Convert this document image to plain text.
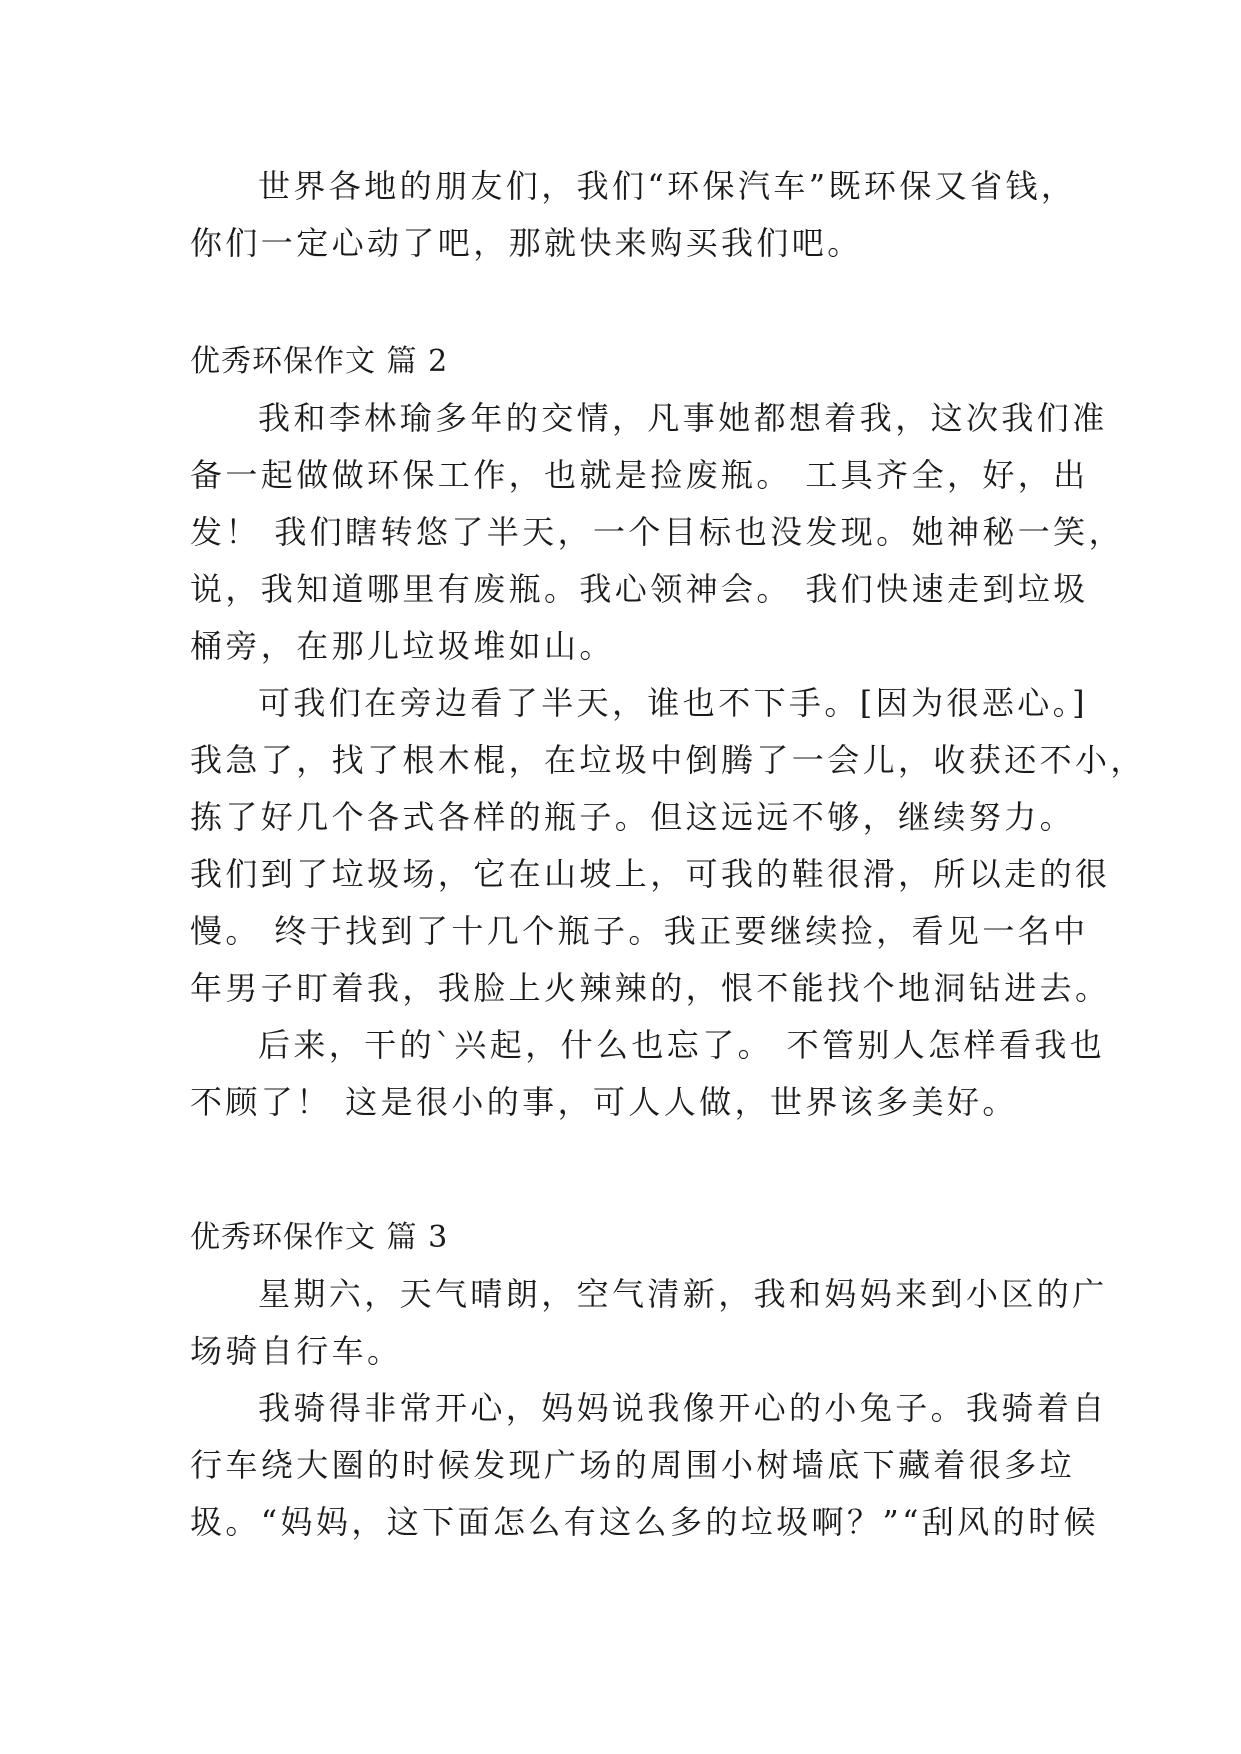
世界各地的朋友们，我们“环保汽车”既环保又省钱，

你们一定心动了吧，那就快来购买我们吧。

优秀环保作文 篇 2

我和李林瑜多年的交情，凡事她都想着我，这次我们准

备一起做做环保工作，也就是捡废瓶。 工具齐全，好，出

发！ 我们瞎转悠了半天，一个目标也没发现。她神秘一笑，

说，我知道哪里有废瓶。我心领神会。 我们快速走到垃圾

桶旁，在那儿垃圾堆如山。

可我们在旁边看了半天，谁也不下手。[因为很恶心。]

我急了，找了根木棍，在垃圾中倒腾了一会儿，收获还不小，

拣了好几个各式各样的瓶子。但这远远不够，继续努力。

我们到了垃圾场，它在山坡上，可我的鞋很滑，所以走的很

慢。 终于找到了十几个瓶子。我正要继续捡，看见一名中

年男子盯着我，我脸上火辣辣的，恨不能找个地洞钻进去。

后来，干的`兴起，什么也忘了。 不管别人怎样看我也

不顾了！ 这是很小的事，可人人做，世界该多美好。

优秀环保作文 篇 3

星期六，天气晴朗，空气清新，我和妈妈来到小区的广

场骑自行车。

我骑得非常开心，妈妈说我像开心的小兔子。我骑着自

行车绕大圈的时候发现广场的周围小树墙底下藏着很多垃

圾。“妈妈，这下面怎么有这么多的垃圾啊？”“刮风的时候
